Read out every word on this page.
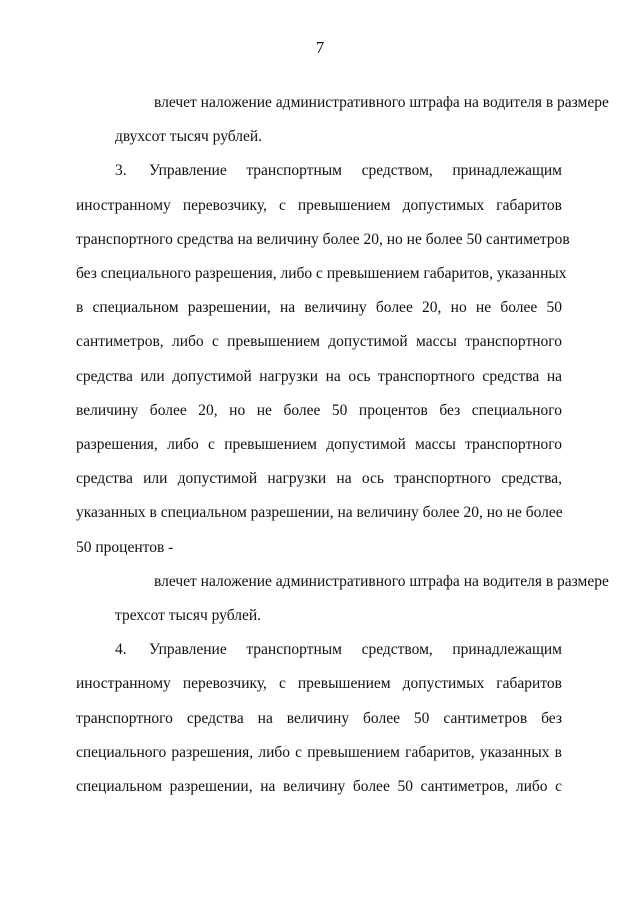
7

влечет наложение административного штрафа на водителя в размере
двухсот тысяч рублей.

3. Управление транспортным средством, принадлежащим
иностранному перевозчику, с превышением допустимых габаритов
транспортного средства на величину более 20, но не более 50 сантиметров
без специального разрешения, либо с превышением габаритов, указанных
в специальном разрешении, на величину более 20, но не более 50
сантиметров, либо с превышением допустимой массы транспортного
средства или допустимой нагрузки на ось транспортного средства на
величину более 20, но не более 50 процентов без специального
разрешения, либо с превышением допустимой массы транспортного
средства или допустимой нагрузки на ось транспортного средства,
указанных в специальном разрешении, на величину более 20, но не более
50 процентов -

влечет наложение административного штрафа на водителя в размере
трехсот тысяч рублей.

4. Управление транспортным средством, принадлежащим
иностранному перевозчику, с превышением допустимых габаритов
транспортного средства на величину более 50 сантиметров без
специального разрешения, либо с превышением габаритов, указанных в
специальном разрешении, на величину более 50 сантиметров, либо с
